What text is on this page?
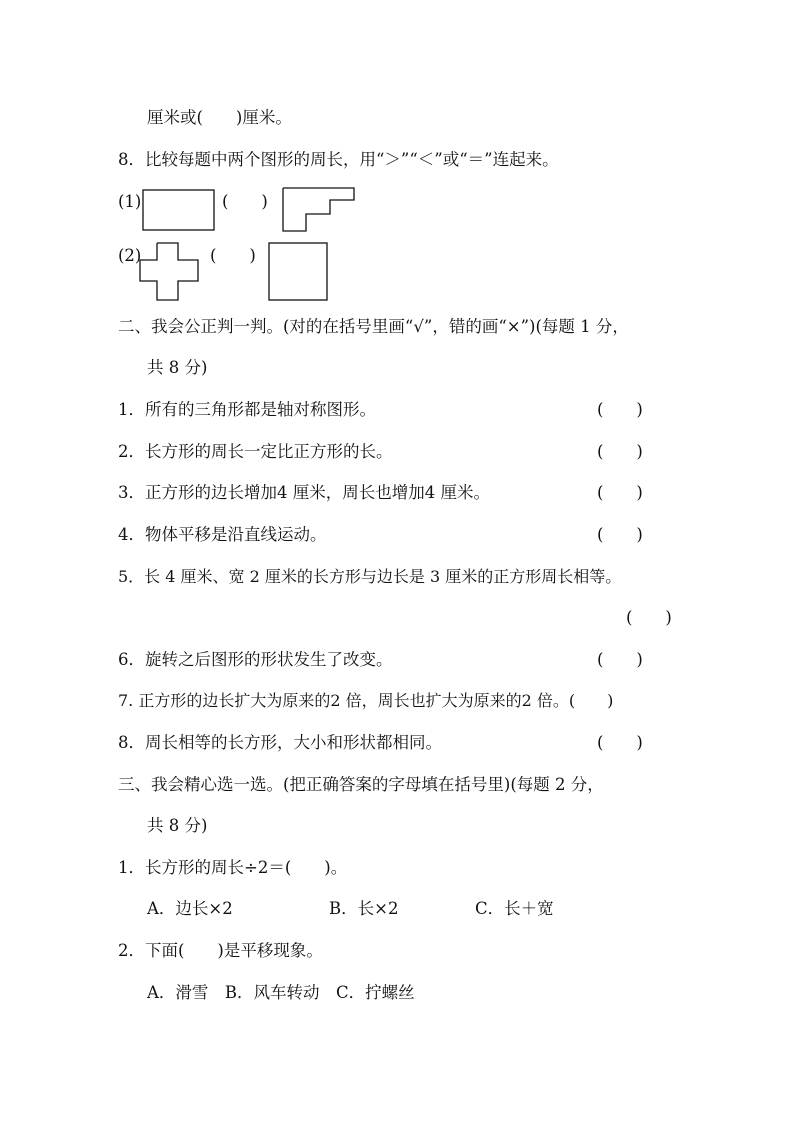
厘米或(　　)厘米。
8．比较每题中两个图形的周长，用“＞”“＜”或“＝”连起来。
(1)	(　　)
(2)	(　　)
二、我会公正判一判。(对的在括号里画“√”，错的画“×”)(每题 1 分，
共 8 分)
1．所有的三角形都是轴对称图形。	(　　)
2．长方形的周长一定比正方形的长。	(　　)
3．正方形的边长增加4 厘米，周长也增加4 厘米。	(　　)
4．物体平移是沿直线运动。	(　　)
5．长 4 厘米、宽 2 厘米的长方形与边长是 3 厘米的正方形周长相等。
(　　)
6．旋转之后图形的形状发生了改变。	(　　)
7. 正方形的边长扩大为原来的2 倍，周长也扩大为原来的2 倍。(　　)
8．周长相等的长方形，大小和形状都相同。	(　　)
三、我会精心选一选。(把正确答案的字母填在括号里)(每题 2 分，
共 8 分)
1．长方形的周长÷2＝(　　)。
A．边长×2	B．长×2	C．长＋宽
2．下面(　　)是平移现象。
A．滑雪　B．风车转动　C．拧螺丝
